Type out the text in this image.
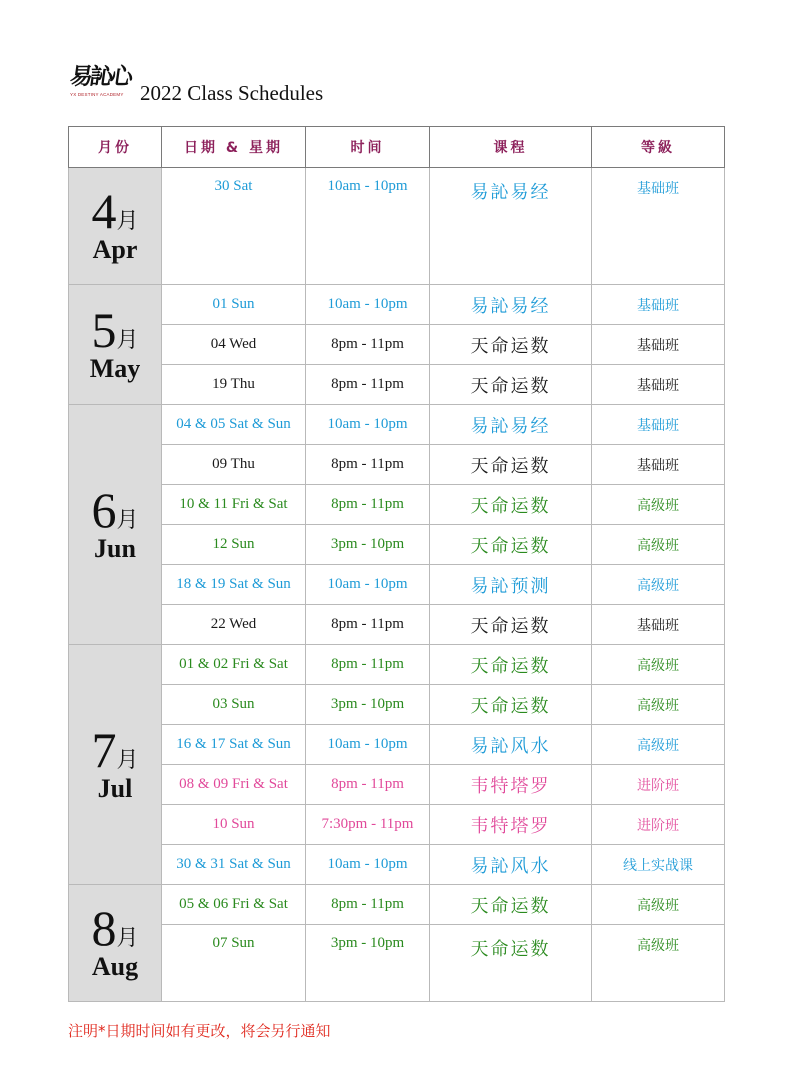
易訫心
YX DESTINY ACADEMY 2022 Class Schedules
月份	日期 & 星期	时间	课程	等級
4月
Apr	30 Sat	10am - 10pm	易訫易经	基础班
5月
May	01 Sun	10am - 10pm	易訫易经	基础班
	04 Wed	8pm - 11pm	天命运数	基础班
	19 Thu	8pm - 11pm	天命运数	基础班
6月
Jun	04 & 05 Sat & Sun	10am - 10pm	易訫易经	基础班
	09 Thu	8pm - 11pm	天命运数	基础班
	10 & 11 Fri & Sat	8pm - 11pm	天命运数	高级班
	12 Sun	3pm - 10pm	天命运数	高级班
	18 & 19 Sat & Sun	10am - 10pm	易訫预测	高级班
	22 Wed	8pm - 11pm	天命运数	基础班
7月
Jul	01 & 02 Fri & Sat	8pm - 11pm	天命运数	高级班
	03 Sun	3pm - 10pm	天命运数	高级班
	16 & 17 Sat & Sun	10am - 10pm	易訫风水	高级班
	08 & 09 Fri & Sat	8pm - 11pm	韦特塔罗	进阶班
	10 Sun	7:30pm - 11pm	韦特塔罗	进阶班
	30 & 31 Sat & Sun	10am - 10pm	易訫风水	线上实战课
8月
Aug	05 & 06 Fri & Sat	8pm - 11pm	天命运数	高级班
	07 Sun	3pm - 10pm	天命运数	高级班
注明*日期时间如有更改，将会另行通知
